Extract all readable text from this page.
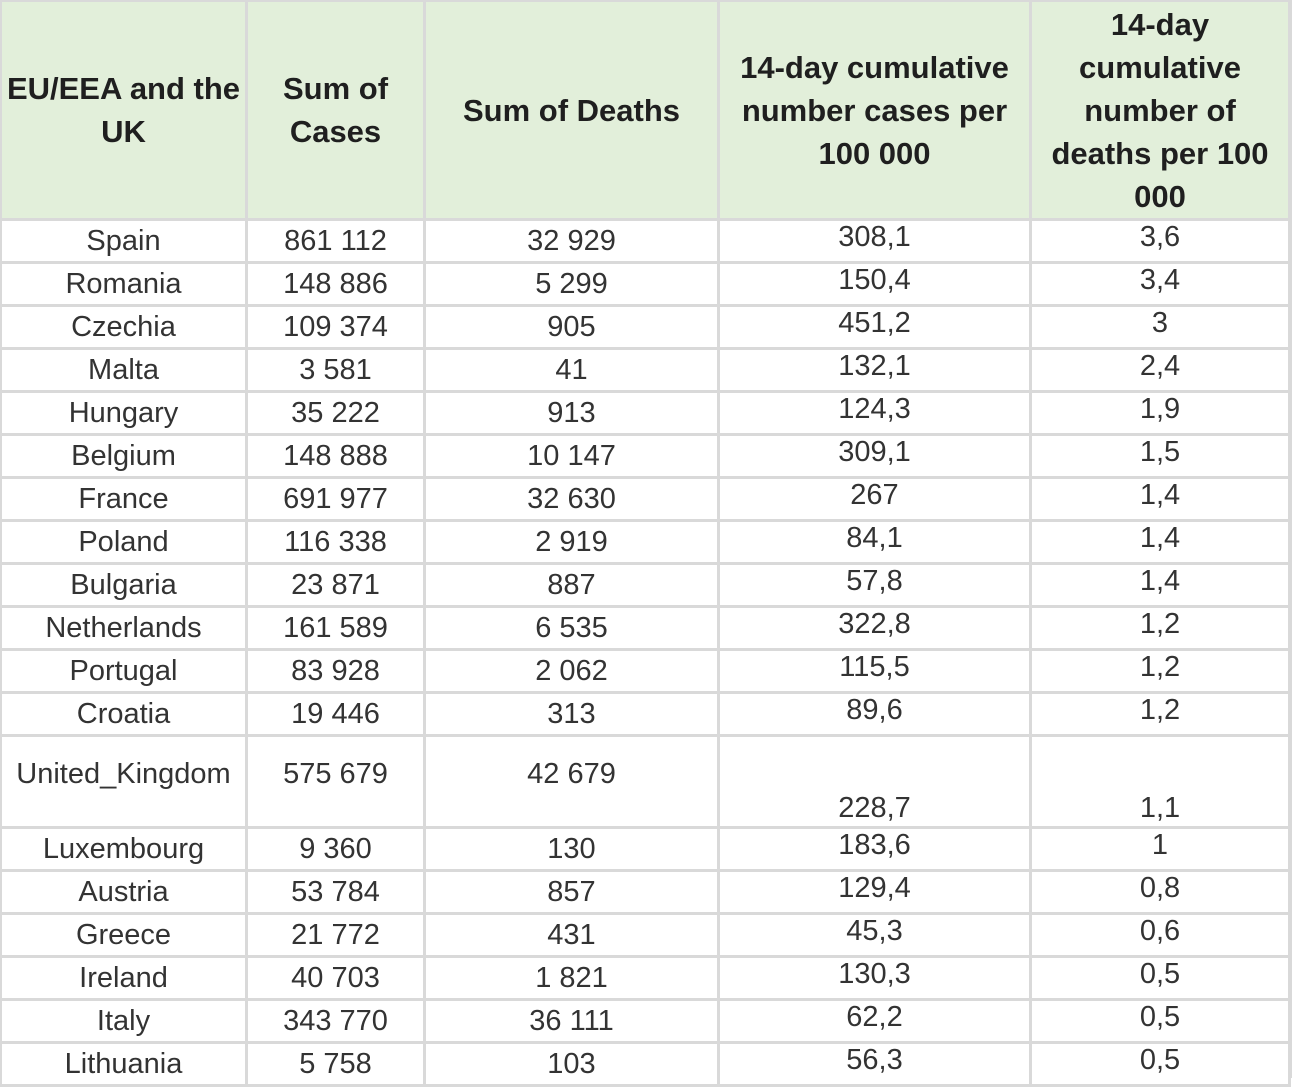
EU/EEA and the UK	Sum of Cases	Sum of Deaths	14-day cumulative number cases per 100 000	14-day cumulative number of deaths per 100 000
Spain	861 112	32 929	308,1	3,6
Romania	148 886	5 299	150,4	3,4
Czechia	109 374	905	451,2	3
Malta	3 581	41	132,1	2,4
Hungary	35 222	913	124,3	1,9
Belgium	148 888	10 147	309,1	1,5
France	691 977	32 630	267	1,4
Poland	116 338	2 919	84,1	1,4
Bulgaria	23 871	887	57,8	1,4
Netherlands	161 589	6 535	322,8	1,2
Portugal	83 928	2 062	115,5	1,2
Croatia	19 446	313	89,6	1,2
United_Kingdom	575 679	42 679	228,7	1,1
Luxembourg	9 360	130	183,6	1
Austria	53 784	857	129,4	0,8
Greece	21 772	431	45,3	0,6
Ireland	40 703	1 821	130,3	0,5
Italy	343 770	36 111	62,2	0,5
Lithuania	5 758	103	56,3	0,5
